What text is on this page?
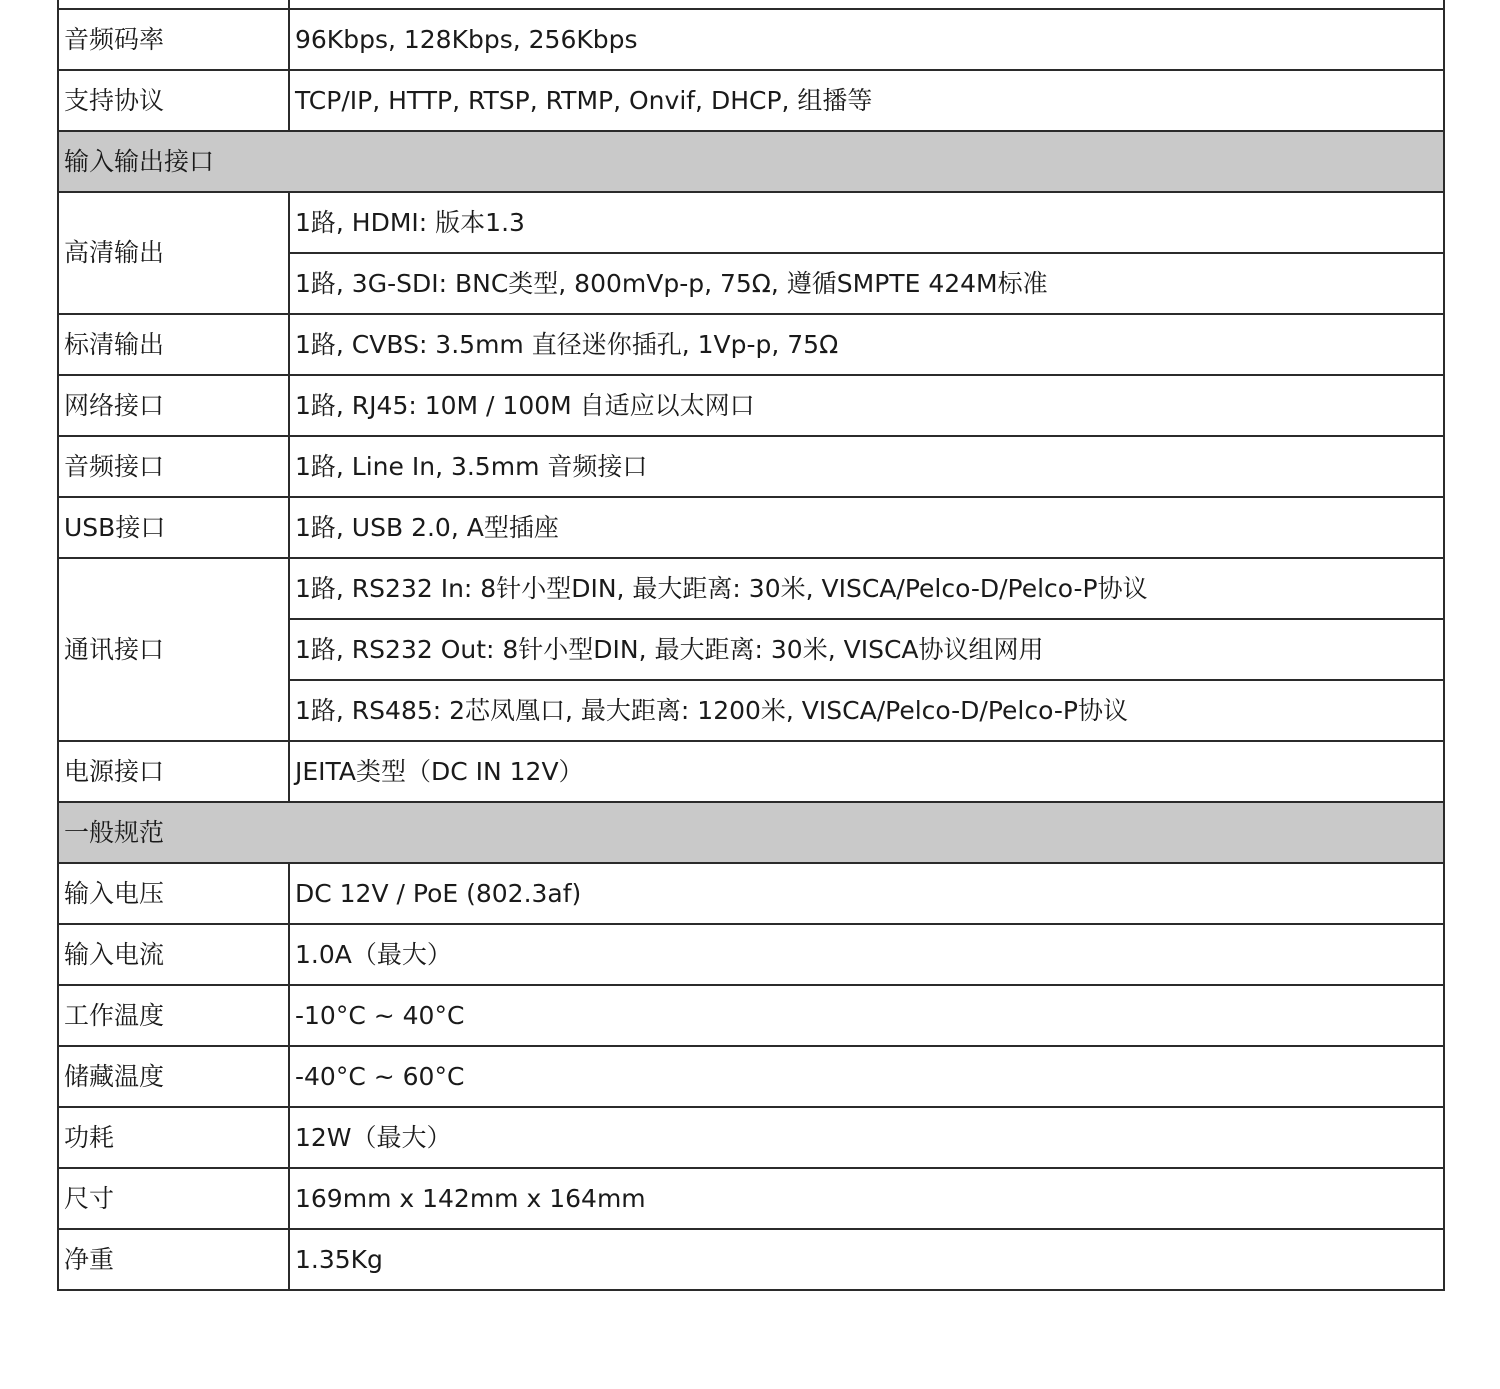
音频码率	96Kbps, 128Kbps, 256Kbps
支持协议	TCP/IP, HTTP, RTSP, RTMP, Onvif, DHCP, 组播等
输入输出接口	
高清输出	1路, HDMI: 版本1.3
	1路, 3G-SDI: BNC类型, 800mVp-p, 75Ω, 遵循SMPTE 424M标准
标清输出	1路, CVBS: 3.5mm 直径迷你插孔, 1Vp-p, 75Ω
网络接口	1路, RJ45: 10M / 100M 自适应以太网口
音频接口	1路, Line In, 3.5mm 音频接口
USB接口	1路, USB 2.0, A型插座
通讯接口	1路, RS232 In: 8针小型DIN, 最大距离: 30米, VISCA/Pelco-D/Pelco-P协议
	1路, RS232 Out: 8针小型DIN, 最大距离: 30米, VISCA协议组网用
	1路, RS485: 2芯凤凰口, 最大距离: 1200米, VISCA/Pelco-D/Pelco-P协议
电源接口	JEITA类型（DC IN 12V）
一般规范	
输入电压	DC 12V / PoE (802.3af)
输入电流	1.0A（最大）
工作温度	-10°C ~ 40°C
储藏温度	-40°C ~ 60°C
功耗	12W（最大）
尺寸	169mm x 142mm x 164mm
净重	1.35Kg
